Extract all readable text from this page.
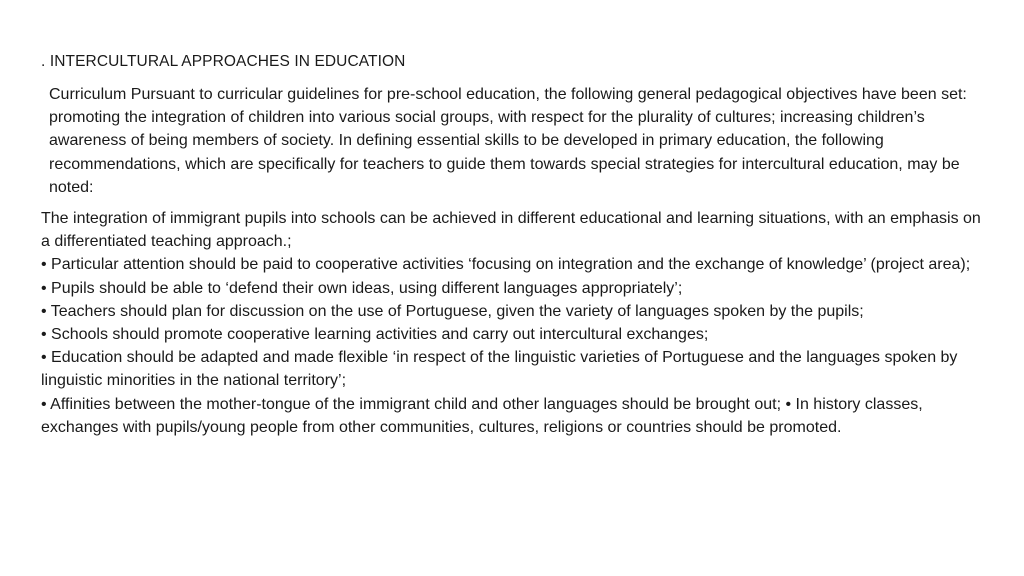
. INTERCULTURAL APPROACHES IN EDUCATION

Curriculum Pursuant to curricular guidelines for pre-school education, the following general pedagogical objectives have been set: promoting the integration of children into various social groups, with respect for the plurality of cultures; increasing children’s awareness of being members of society. In defining essential skills to be developed in primary education, the following recommendations, which are specifically for teachers to guide them towards special strategies for intercultural education, may be noted:

The integration of immigrant pupils into schools can be achieved in different educational and learning situations, with an emphasis on a differentiated teaching approach.;
• Particular attention should be paid to cooperative activities ‘focusing on integration and the exchange of knowledge’ (project area);
• Pupils should be able to ‘defend their own ideas, using different languages appropriately’;
• Teachers should plan for discussion on the use of Portuguese, given the variety of languages spoken by the pupils;
• Schools should promote cooperative learning activities and carry out intercultural exchanges;
• Education should be adapted and made flexible ‘in respect of the linguistic varieties of Portuguese and the languages spoken by linguistic minorities in the national territory’;
• Affinities between the mother-tongue of the immigrant child and other languages should be brought out; • In history classes, exchanges with pupils/young people from other communities, cultures, religions or countries should be promoted.
